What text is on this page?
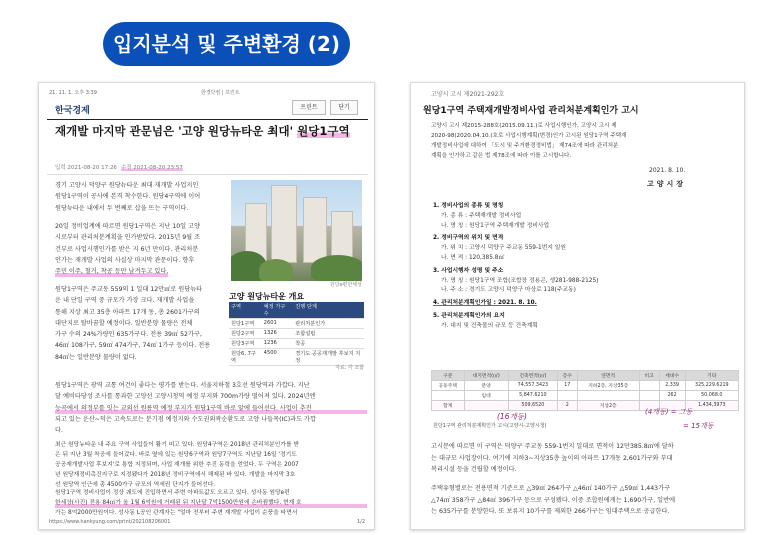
입지분석 및 주변환경 (2)
21. 11. 1. 오후 3:39	한경닷컴 | 프린트
한국경제	프린트	닫기
재개발 마지막 관문넘은 '고양 원당뉴타운 최대' 원당1구역
입력 2021-08-20 17:26 수정 2021-08-20 23:57
경기 고양시 덕양구 원당뉴타운 최대 재개발 사업지인
원당1구역이 공사에 본격 착수한다. 원당4구역에 이어
원당뉴타운 내에서 두 번째로 삽을 뜨는 구역이다.
20일 정비업계에 따르면 원당1구역은 지난 10일 고양
시로부터 관리처분계획을 인가받았다. 2015년 9월 조
건부로 사업시행인가를 받은 지 6년 만이다. 관리처분
인가는 재개발 사업의 사실상 마지막 관문이다. 향후
주민 이주, 철거, 착공 등만 남겨두고 있다.
원당1구역은 주교동 559의 1 일대 12만㎡로 원당뉴타
운 내 단일 구역 중 규모가 가장 크다. 재개발 사업을
통해 지상 최고 35층 아파트 17개 동, 총 2601가구의
대단지로 탈바꿈할 예정이다. 일반분양 물량은 전체
가구 수의 24%가량인 635가구다. 전용 39㎡ 52가구,
46㎡ 108가구, 59㎡ 474가구, 74㎡ 1가구 등이다. 전용
84㎡는 일반분양 물량이 없다.
원당e편한세상
고양 원당뉴타운 개요
구역	예정 가구 수	진행 단계
원당1구역	2601	관리처분인가
원당2구역	1326	조합설립
원당3구역	1236	착공
원당6, 7구역	4500	경기도 공공재개발 후보지 지정
자료: 각 조합
원당1구역은 광역 교통 여건이 좋다는 평가를 받는다. 서울지하철 3호선 원당역과 가깝다. 지난
달 예비타당성 조사를 통과한 고양선 고양시청역 예정 부지와 700m가량 떨어져 있다. 2024년엔
능곡에서 의정부를 잇는 교외선 원릉역 예정 부지가 원당1구역 바로 앞에 들어선다. 사업이 추진
되고 있는 운산~덕은 고속도로는 분기점 예정지와 수도권외곽순환도로 고양 나들목(IC)과도 가깝
다.
최근 원당뉴타운 내 주요 구역 사업들이 활기 띠고 있다. 원당4구역은 2018년 관리처분인가를 받
은 뒤 지난 3월 착공에 들어갔다. 바로 옆에 있는 원당6구역과 원당7구역도 지난달 16일 '경기도
공공재개발사업 후보지'로 통합 지정되며, 사업 재개를 위한 추진 동력을 얻었다. 두 구역은 2007
년 원당재정비촉진지구로 지정됐다가 2018년 정비구역에서 해제된 바 있다. 개발을 마지막 3호
선 원당역 인근에 총 4500가구 규모의 역세권 단지가 들어선다.
원당1구역 정비사업이 정상 궤도에 진입하면서 주변 아파트값도 오르고 있다. 성사동 원당e편
한세상(사진) 전용 84㎡가 올 1월 6억원에 거래된 뒤 지난달 7억1500만원에 손바뀜했다. 현재 호
가는 8억2000만원이다. 성사동 L공인 관계자는 "얼마 전부터 주변 재개발 사업이 순풍을 타면서
https://www.hankyung.com/print/202108206001	1/2
고양시 고시 제2021-292호
원당1구역 주택재개발정비사업 관리처분계획인가 고시
고양시 고시 제2015-288호(2015.09.11.)로 사업시행인가, 고양시 고시 제
2020-98(2020.04.10.)호로 사업시행계획(변경)인가 고시된 원당1구역 주택재
개발정비사업에 대하여 「도시 및 주거환경정비법」 제74조에 따라 관리처분
계획을 인가하고 같은 법 제78조에 따라 이를 고시합니다.
2021. 8. 10.
고양시장
1. 정비사업의 종류 및 명칭
가. 종 류 : 주택재개발 정비사업
나. 명 칭 : 원당1구역 주택재개발 정비사업
2. 정비구역의 위치 및 면적
가. 위 치 : 고양시 덕양구 주교동 559-1번지 일원
나. 면 적 : 120,385.8㎡
3. 사업시행자 성명 및 주소
가. 명 칭 : 원당1구역 조합(조합장 정용곤, 생281-988-2125)
나. 주 소 : 경기도 고양시 덕양구 마상로 118(주교동)
4. 관리처분계획인가일 : 2021. 8. 10.
5. 관리처분계획인가의 요지
가. 대지 및 건축물의 규모 등 건축계획
구분	대지면적(㎡)	건축면적(㎡)	층수	연면적	비고	세대수	기타
공동주택	분양	74,557.3423	17	지하2층, 지상35층		2,339	325,229.6219
	임대	5,847.6210				262	50,068.0
합계		509,6520	2	지상2층			1,434,3973
(16개동)	(4개동) = 그동
= 15개동
원당1구역 관리처분계획인가 고시(고양시-고양시청)
고시문에 따르면 이 구역은 덕양구 주교동 559-1번지 일대로 면적이 12만385.8㎡에 달하
는 대규모 사업장이다. 여기에 지하3~지상35층 높이의 아파트 17개동 2,601가구와 부대
복리시설 등을 건립할 예정이다.
주택유형별로는 전용면적 기준으로 △39㎡ 264가구 △46㎡ 140가구 △59㎡ 1,443가구
△74㎡ 358가구 △84㎡ 396가구 등으로 구성됐다. 이중 조합원에게는 1,690가구, 일반에
는 635가구를 분양한다. 또 보류지 10가구를 제외한 266가구는 임대주택으로 공급한다.
